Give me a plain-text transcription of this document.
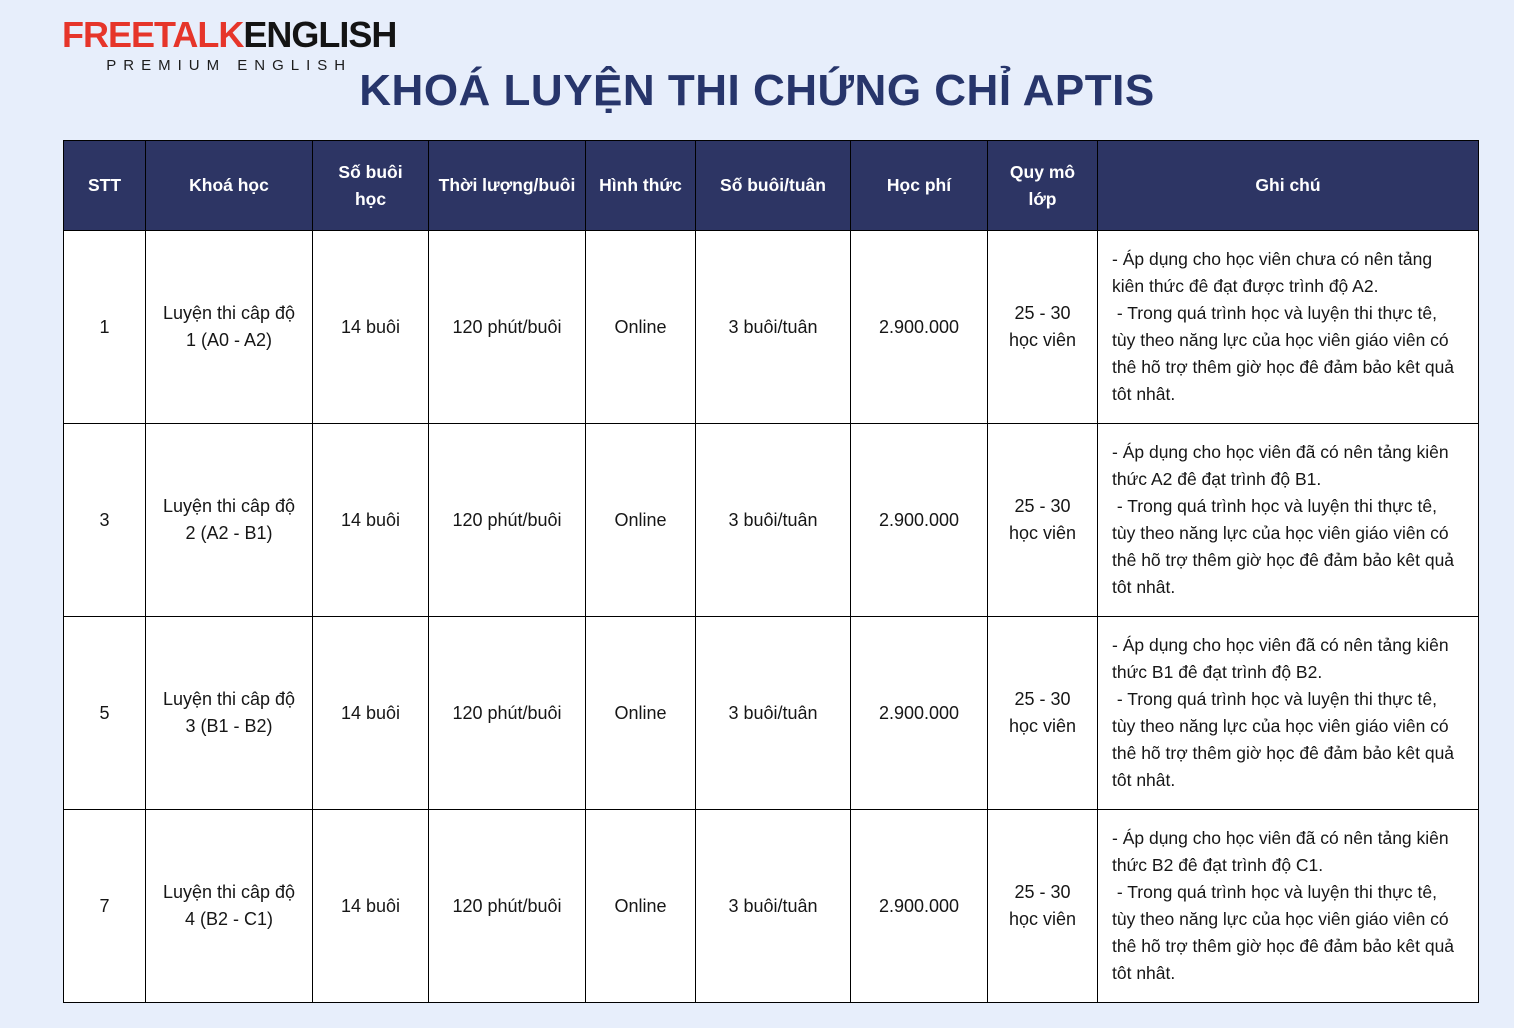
FREETALKENGLISH
PREMIUM ENGLISH
KHOÁ LUYỆN THI CHỨNG CHỈ APTIS
STT	Khoá học	Số buôi học	Thời lượng/buôi	Hình thức	Số buôi/tuân	Học phí	Quy mô lớp	Ghi chú
1	Luyện thi câp độ 1 (A0 - A2)	14 buôi	120 phút/buôi	Online	3 buôi/tuân	2.900.000	25 - 30 học viên	- Áp dụng cho học viên chưa có nên tảng kiên thức đê đạt được trình độ A2.
- Trong quá trình học và luyện thi thực tê, tùy theo năng lực của học viên giáo viên có thê hõ trợ thêm giờ học đê đảm bảo kêt quả tôt nhât.

3	Luyện thi câp độ 2 (A2 - B1)	14 buôi	120 phút/buôi	Online	3 buôi/tuân	2.900.000	25 - 30 học viên	- Áp dụng cho học viên đã có nên tảng kiên thức A2 đê đạt trình độ B1.
- Trong quá trình học và luyện thi thực tê, tùy theo năng lực của học viên giáo viên có thê hõ trợ thêm giờ học đê đảm bảo kêt quả tôt nhât.

5	Luyện thi câp độ 3 (B1 - B2)	14 buôi	120 phút/buôi	Online	3 buôi/tuân	2.900.000	25 - 30 học viên	- Áp dụng cho học viên đã có nên tảng kiên thức B1 đê đạt trình độ B2.
- Trong quá trình học và luyện thi thực tê, tùy theo năng lực của học viên giáo viên có thê hõ trợ thêm giờ học đê đảm bảo kêt quả tôt nhât.

7	Luyện thi câp độ 4 (B2 - C1)	14 buôi	120 phút/buôi	Online	3 buôi/tuân	2.900.000	25 - 30 học viên	- Áp dụng cho học viên đã có nên tảng kiên thức B2 đê đạt trình độ C1.
- Trong quá trình học và luyện thi thực tê, tùy theo năng lực của học viên giáo viên có thê hõ trợ thêm giờ học đê đảm bảo kêt quả tôt nhât.
